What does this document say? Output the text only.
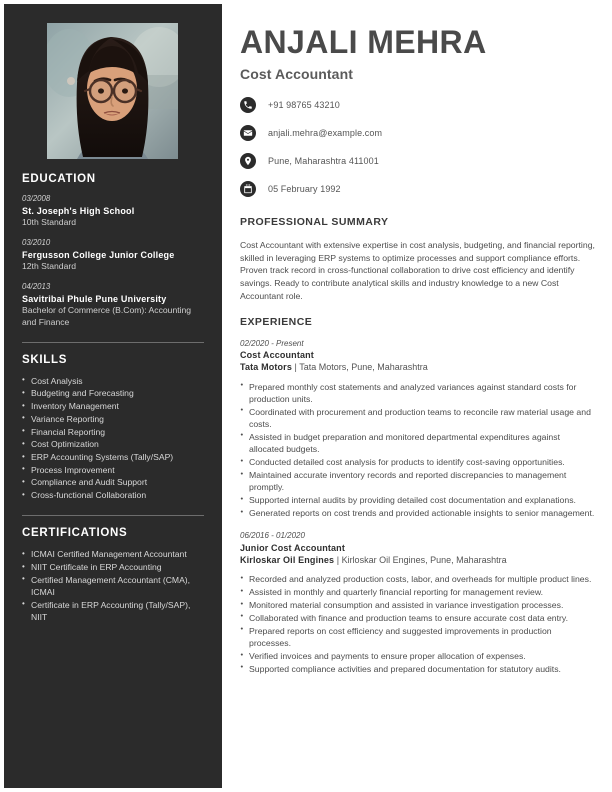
EDUCATION
03/2008
St. Joseph's High School
10th Standard
03/2010
Fergusson College Junior College
12th Standard
04/2013
Savitribai Phule Pune University
Bachelor of Commerce (B.Com): Accounting and Finance
SKILLS
• Cost Analysis
• Budgeting and Forecasting
• Inventory Management
• Variance Reporting
• Financial Reporting
• Cost Optimization
• ERP Accounting Systems (Tally/SAP)
• Process Improvement
• Compliance and Audit Support
• Cross-functional Collaboration
CERTIFICATIONS
• ICMAI Certified Management Accountant
• NIIT Certificate in ERP Accounting
• Certified Management Accountant (CMA), ICMAI
• Certificate in ERP Accounting (Tally/SAP), NIIT
ANJALI MEHRA
Cost Accountant
+91 98765 43210
anjali.mehra@example.com
Pune, Maharashtra 411001
05 February 1992
PROFESSIONAL SUMMARY
Cost Accountant with extensive expertise in cost analysis, budgeting, and financial reporting, skilled in leveraging ERP systems to optimize processes and support compliance efforts. Proven track record in cross-functional collaboration to drive cost efficiency and identify savings. Ready to contribute analytical skills and industry knowledge to a new Cost Accountant role.
EXPERIENCE
02/2020 - Present
Cost Accountant
Tata Motors | Tata Motors, Pune, Maharashtra
• Prepared monthly cost statements and analyzed variances against standard costs for production units.
• Coordinated with procurement and production teams to reconcile raw material usage and costs.
• Assisted in budget preparation and monitored departmental expenditures against allocated budgets.
• Conducted detailed cost analysis for products to identify cost-saving opportunities.
• Maintained accurate inventory records and reported discrepancies to management promptly.
• Supported internal audits by providing detailed cost documentation and explanations.
• Generated reports on cost trends and provided actionable insights to senior management.
06/2016 - 01/2020
Junior Cost Accountant
Kirloskar Oil Engines | Kirloskar Oil Engines, Pune, Maharashtra
• Recorded and analyzed production costs, labor, and overheads for multiple product lines.
• Assisted in monthly and quarterly financial reporting for management review.
• Monitored material consumption and assisted in variance investigation processes.
• Collaborated with finance and production teams to ensure accurate cost data entry.
• Prepared reports on cost efficiency and suggested improvements in production processes.
• Verified invoices and payments to ensure proper allocation of expenses.
• Supported compliance activities and prepared documentation for statutory audits.
